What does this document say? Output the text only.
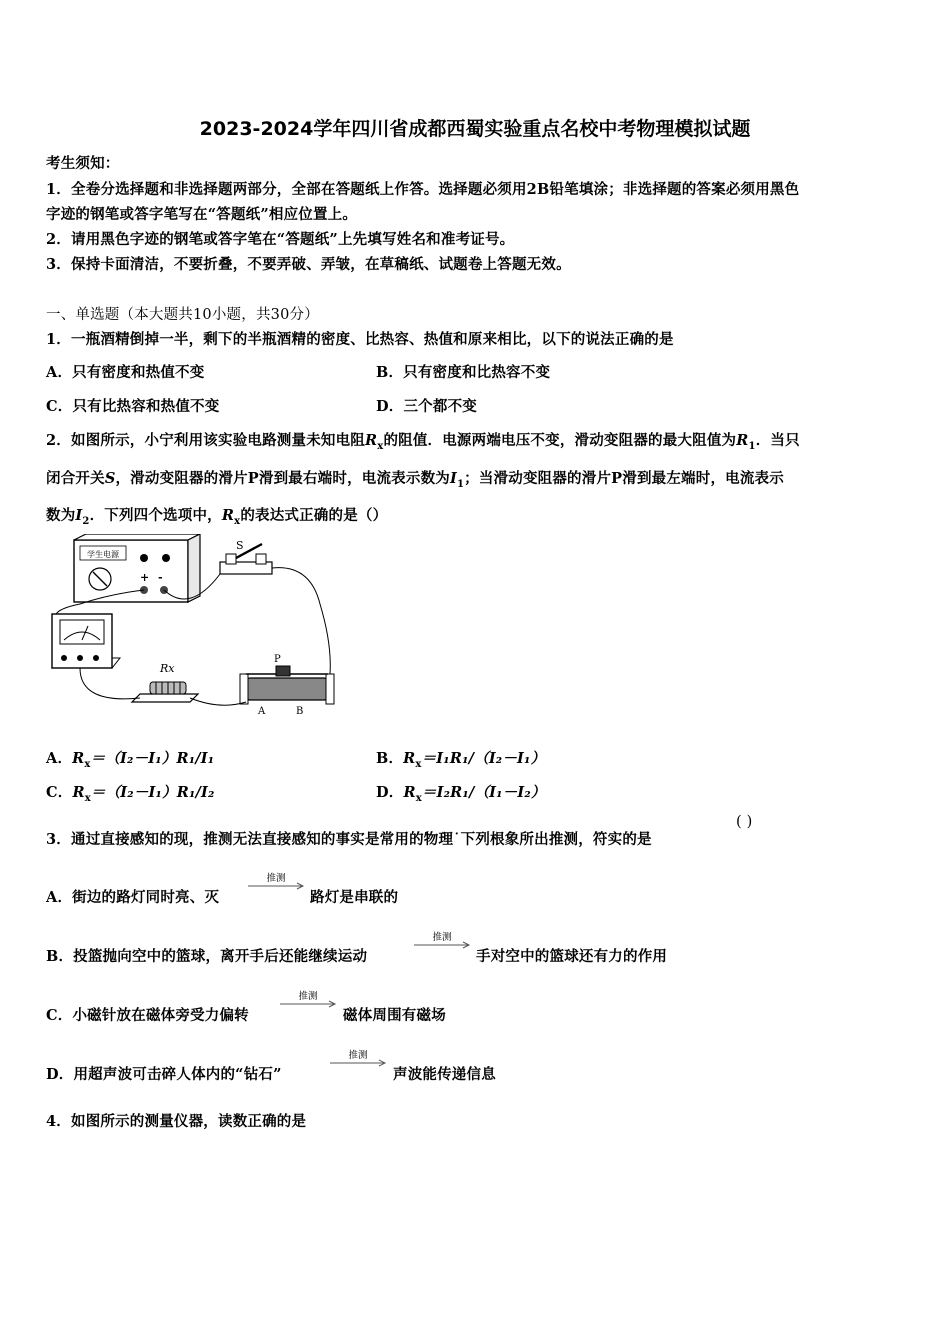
2023-2024学年四川省成都西蜀实验重点名校中考物理模拟试题
考生须知：
1．全卷分选择题和非选择题两部分，全部在答题纸上作答。选择题必须用2B铅笔填涂；非选择题的答案必须用黑色
字迹的钢笔或答字笔写在“答题纸”相应位置上。
2．请用黑色字迹的钢笔或答字笔在“答题纸”上先填写姓名和准考证号。
3．保持卡面清洁，不要折叠，不要弄破、弄皱，在草稿纸、试题卷上答题无效。
一、单选题（本大题共10小题，共30分）
1．一瓶酒精倒掉一半，剩下的半瓶酒精的密度、比热容、热值和原来相比，以下的说法正确的是
A．只有密度和热值不变	B．只有密度和比热容不变
C．只有比热容和热值不变	D．三个都不变
2．如图所示，小宁利用该实验电路测量未知电阻$R_x$的阻值．电源两端电压不变，滑动变阻器的最大阻值为$R_1$．当只
闭合开关S，滑动变阻器的滑片P滑到最右端时，电流表示数为$I_1$；当滑动变阻器的滑片P滑到最左端时，电流表示
数为$I_2$．下列四个选项中，$R_x$的表达式正确的是（）
学生电源
+ -
S
Rx
P
A	B
A．$R_x=(I_2-I_1)R_1/I_1$	B．$R_x=I_1R_1/(I_2-I_1)$
C．$R_x=(I_2-I_1)R_1/I_2$	D．$R_x=I_2R_1/(I_1-I_2)$
3．通过直接感知的现，推测无法直接感知的事实是常用的物理˙下列根象所出推测，符实的是
( )
A．街边的路灯同时亮、灭
推测
路灯是串联的
B．投篮抛向空中的篮球，离开手后还能继续运动
推测
手对空中的篮球还有力的作用
C．小磁针放在磁体旁受力偏转
推测
磁体周围有磁场
D．用超声波可击碎人体内的“钻石”
推测
声波能传递信息
4．如图所示的测量仪器，读数正确的是
